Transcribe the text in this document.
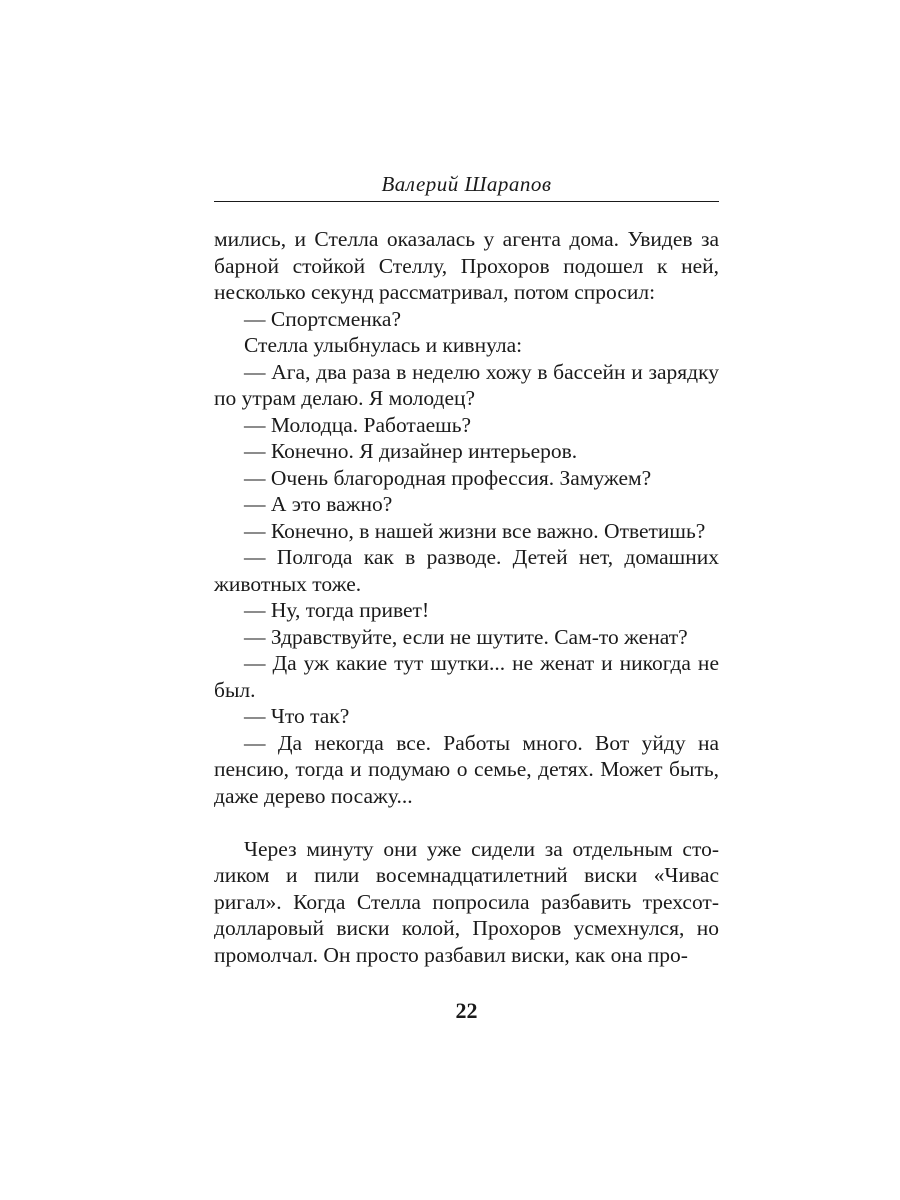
Валерий Шарапов

мились, и Стелла оказалась у агента дома. Увидев за барной стойкой Стеллу, Прохоров подошел к ней, несколько секунд рассматривал, потом спросил:

— Спортсменка?

Стелла улыбнулась и кивнула:

— Ага, два раза в неделю хожу в бассейн и зарядку по утрам делаю. Я молодец?

— Молодца. Работаешь?

— Конечно. Я дизайнер интерьеров.

— Очень благородная профессия. Замужем?

— А это важно?

— Конечно, в нашей жизни все важно. Ответишь?

— Полгода как в разводе. Детей нет, домашних животных тоже.

— Ну, тогда привет!

— Здравствуйте, если не шутите. Сам-то женат?

— Да уж какие тут шутки... не женат и никогда не был.

— Что так?

— Да некогда все. Работы много. Вот уйду на пенсию, тогда и подумаю о семье, детях. Может быть, даже дерево посажу...

Через минуту они уже сидели за отдельным столиком и пили восемнадцатилетний виски «Чивас ригал». Когда Стелла попросила разбавить трехсотдолларовый виски колой, Прохоров усмехнулся, но промолчал. Он просто разбавил виски, как она про-

22
